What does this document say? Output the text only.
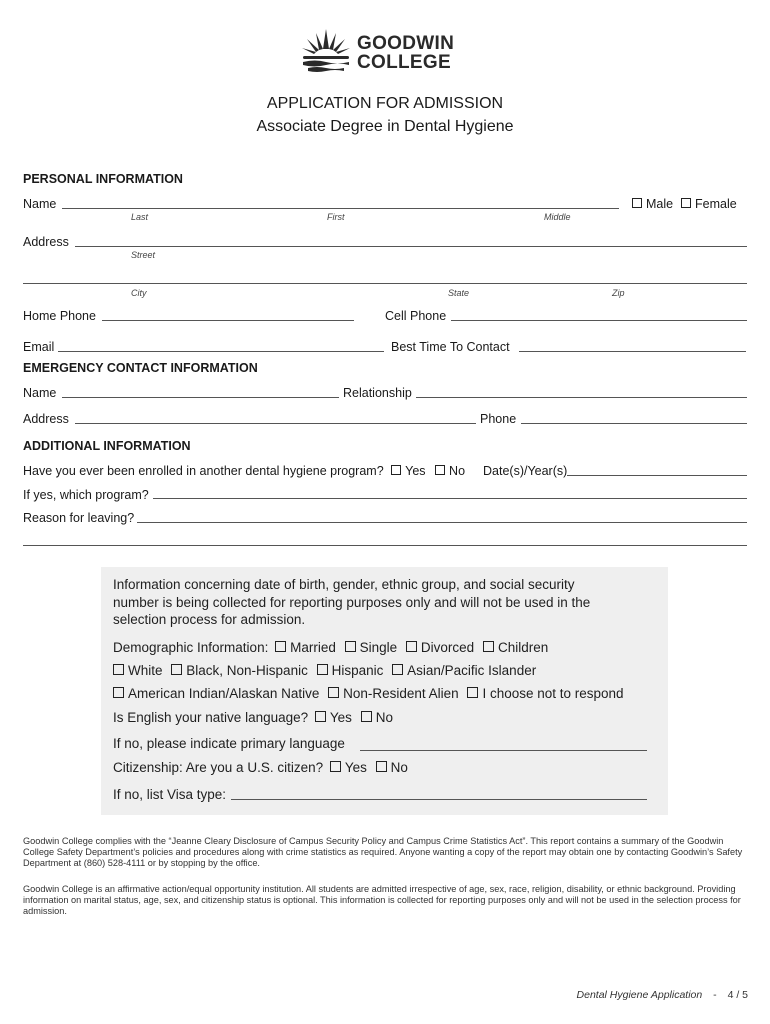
GOODWIN
COLLEGE
APPLICATION FOR ADMISSION
Associate Degree in Dental Hygiene
PERSONAL INFORMATION
Name
Last	First	Middle
Male	Female
Address
Street
City	State	Zip
Home Phone	Cell Phone
Email	Best Time To Contact
EMERGENCY CONTACT INFORMATION
Name	Relationship
Address	Phone
ADDITIONAL INFORMATION
Have you ever been enrolled in another dental hygiene program? Yes No Date(s)/Year(s)
If yes, which program?
Reason for leaving?
Information concerning date of birth, gender, ethnic group, and social security
number is being collected for reporting purposes only and will not be used in the
selection process for admission.
Demographic Information: Married Single Divorced Children
White Black, Non-Hispanic Hispanic Asian/Pacific Islander
American Indian/Alaskan Native Non-Resident Alien I choose not to respond
Is English your native language? Yes No
If no, please indicate primary language
Citizenship: Are you a U.S. citizen? Yes No
If no, list Visa type:
Goodwin College complies with the “Jeanne Cleary Disclosure of Campus Security Policy and Campus Crime Statistics Act”. This report contains a summary of the Goodwin College Safety Department’s policies and procedures along with crime statistics as required. Anyone wanting a copy of the report may obtain one by contacting Goodwin’s Safety Department at (860) 528-4111 or by stopping by the office.
Goodwin College is an affirmative action/equal opportunity institution. All students are admitted irrespective of age, sex, race, religion, disability, or ethnic background. Providing information on marital status, age, sex, and citizenship status is optional. This information is collected for reporting purposes only and will not be used in the selection process for admission.
Dental Hygiene Application - 4 / 5
